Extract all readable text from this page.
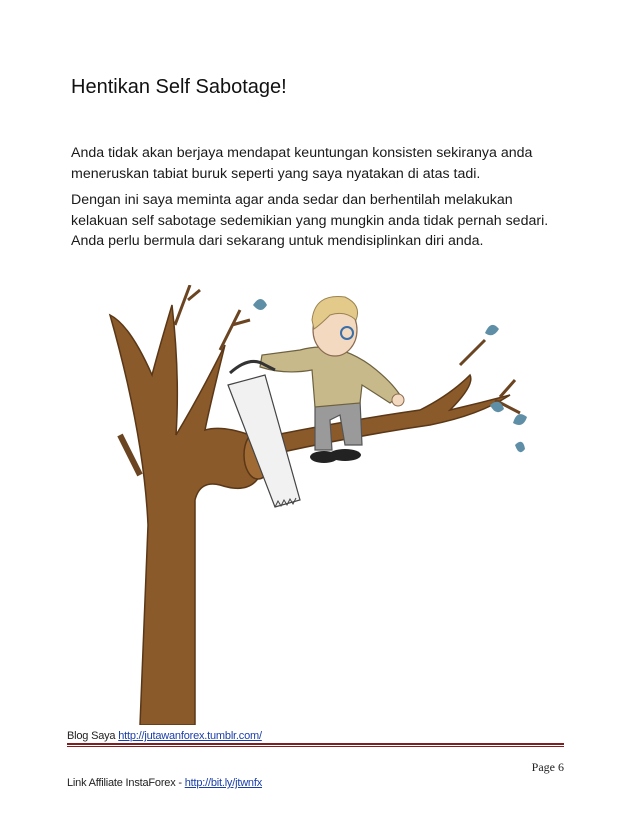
Hentikan Self Sabotage!

Anda tidak akan berjaya mendapat keuntungan konsisten sekiranya anda meneruskan tabiat buruk seperti yang saya nyatakan di atas tadi.

Dengan ini saya meminta agar anda sedar dan berhentilah melakukan kelakuan self sabotage sedemikian yang mungkin anda tidak pernah sedari. Anda perlu bermula dari sekarang untuk mendisiplinkan diri anda.

Blog Saya http://jutawanforex.tumblr.com/
Page 6
Link Affiliate InstaForex - http://bit.ly/jtwnfx
